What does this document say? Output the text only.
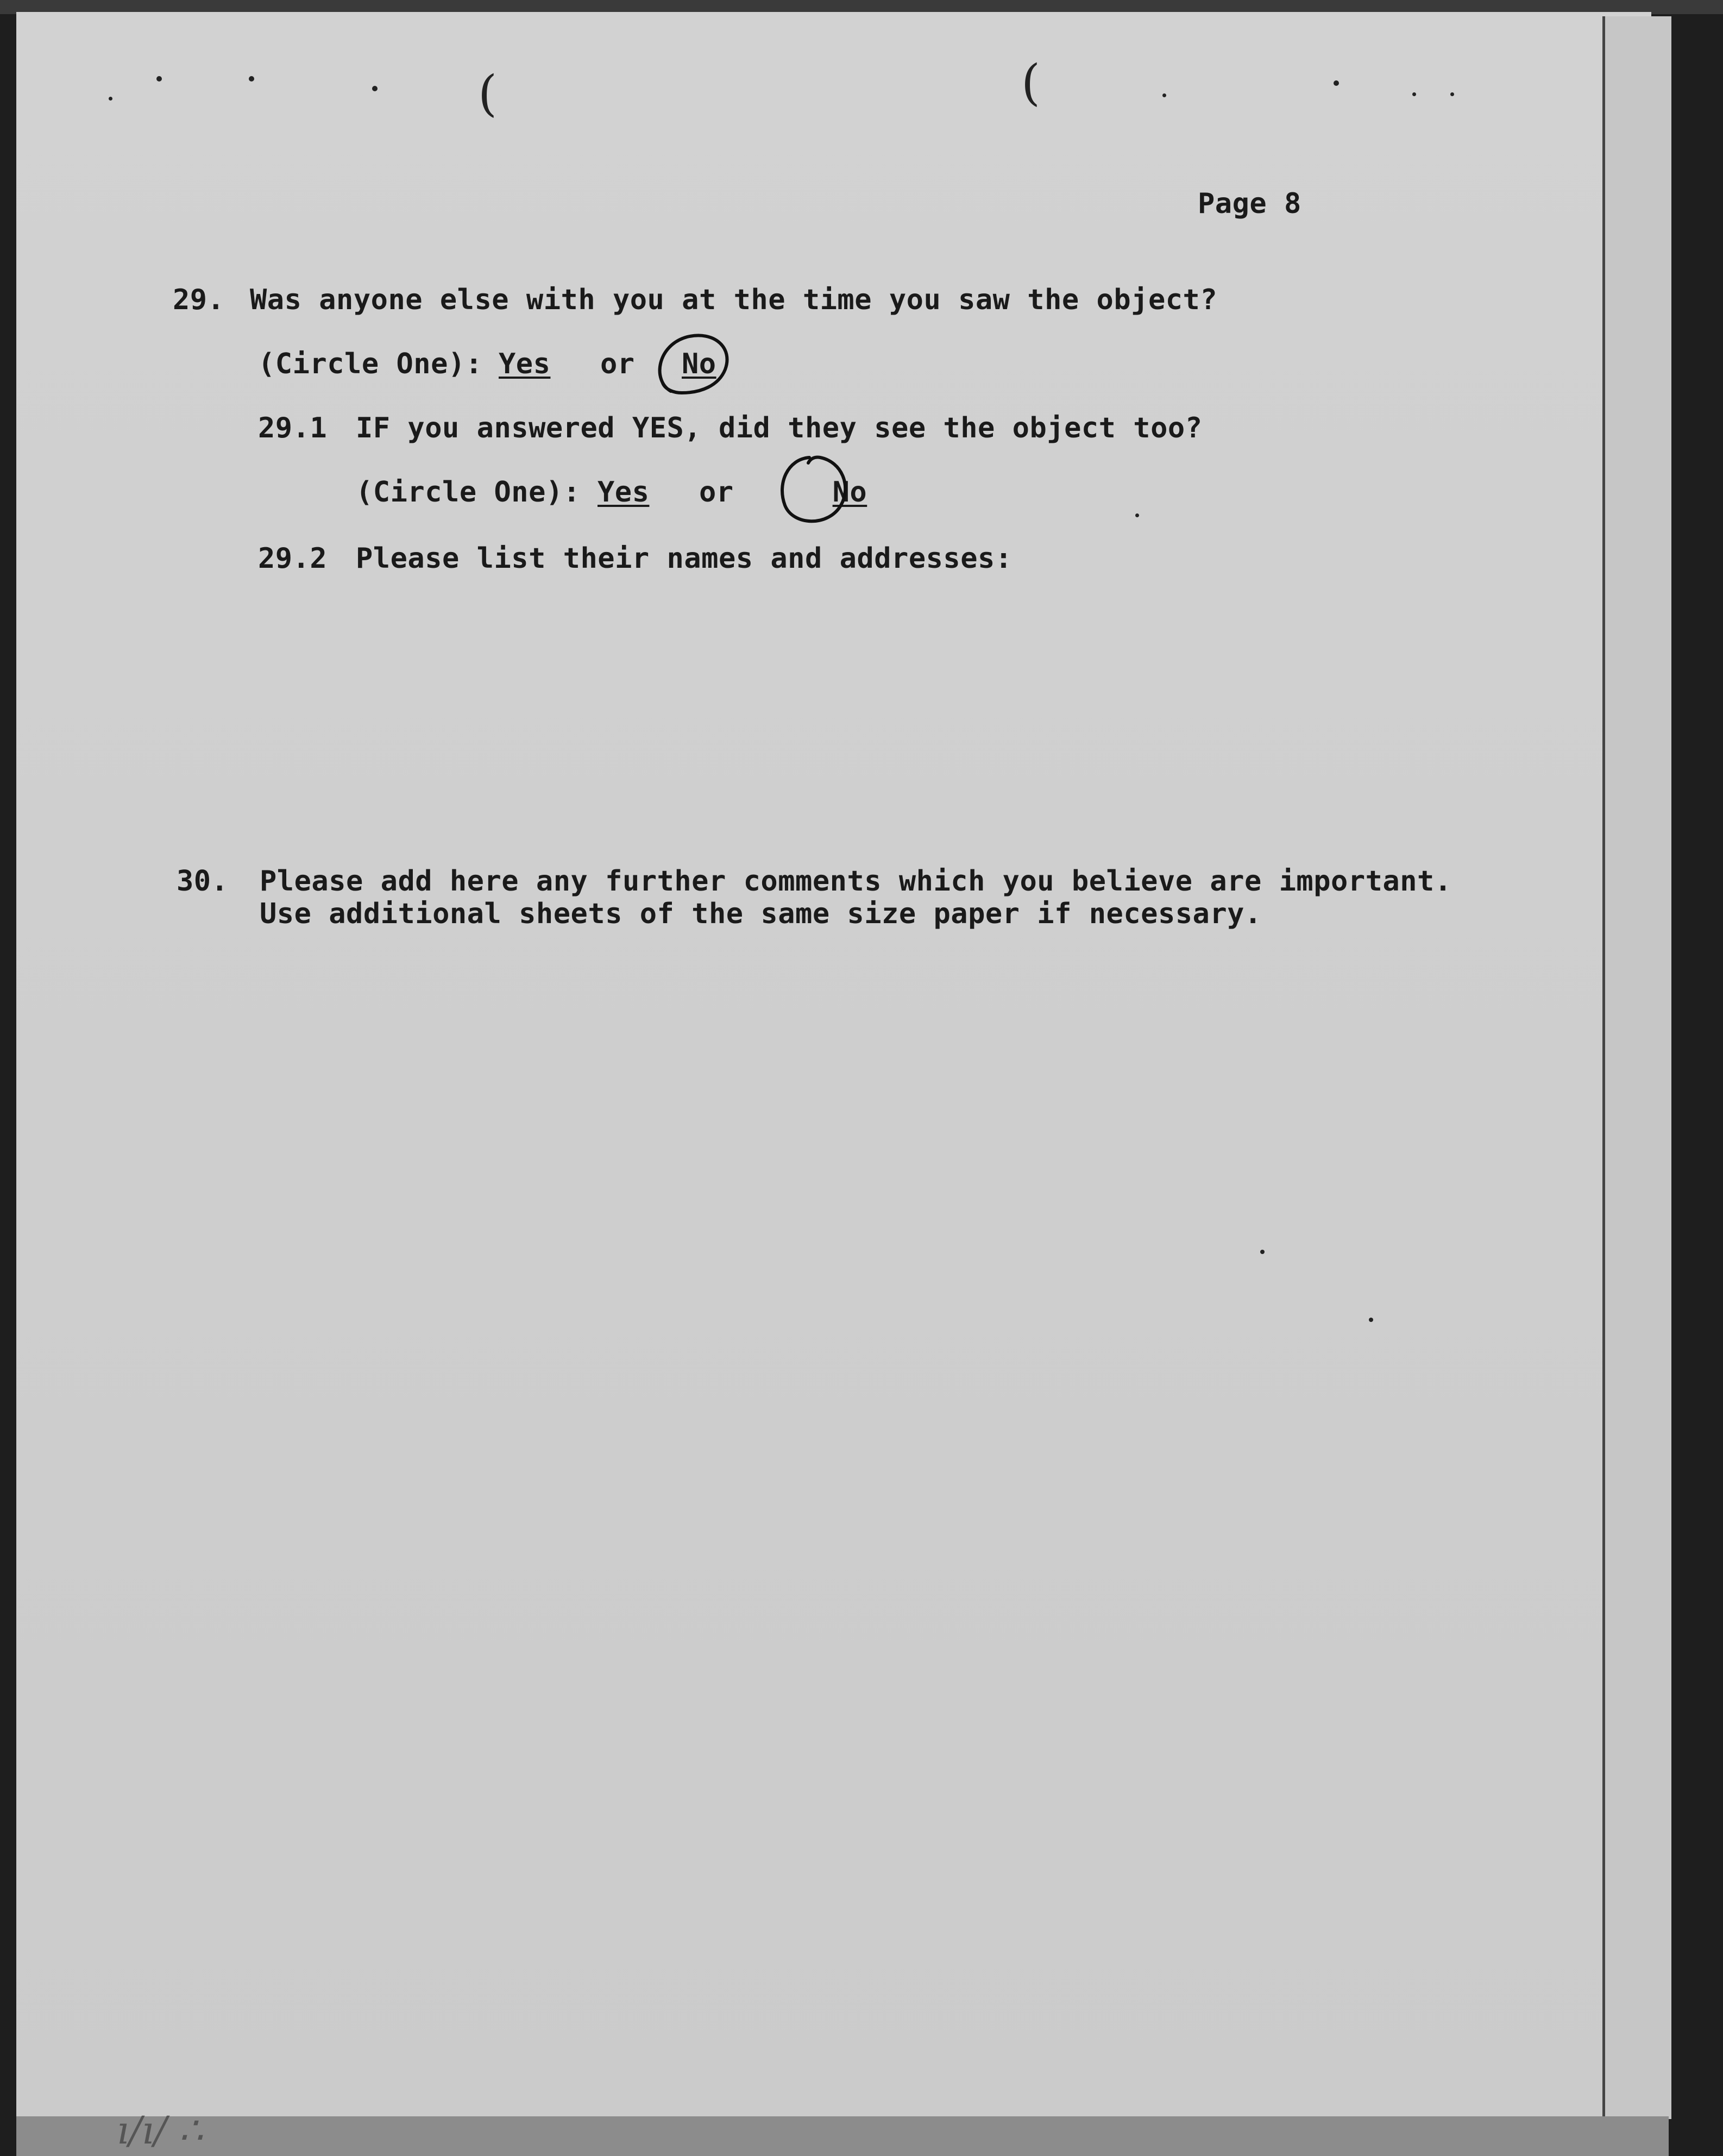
(	(
Page 8
29. Was anyone else with you at the time you saw the object?
(Circle One): Yes or No
29.1 IF you answered YES, did they see the object too?
(Circle One): Yes or	No
29.2 Please list their names and addresses:
30. Please add here any further comments which you believe are important.
Use additional sheets of the same size paper if necessary.
ı/ı/ ∴
